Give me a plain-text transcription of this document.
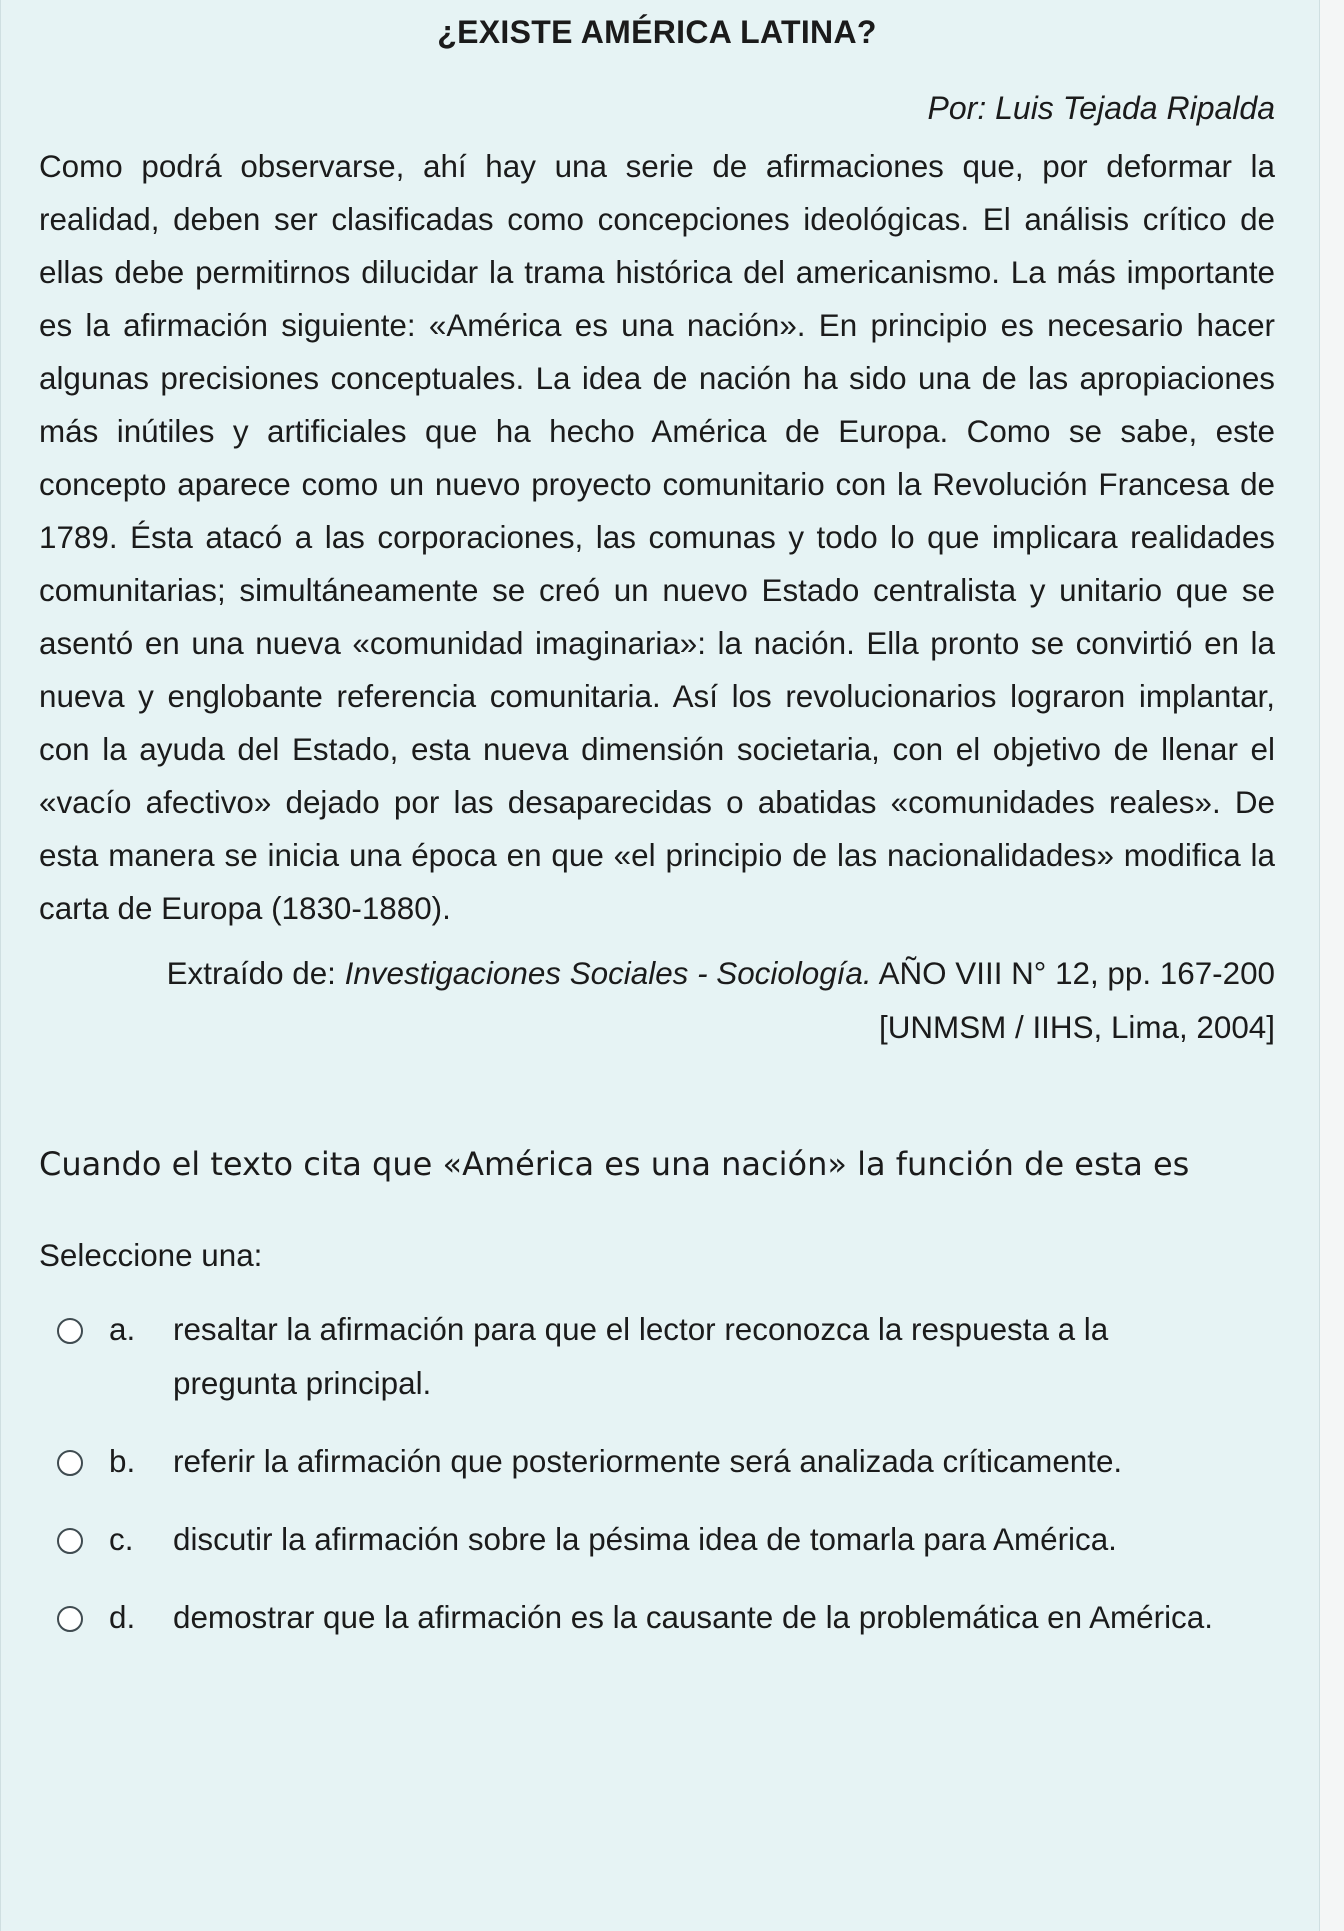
¿EXISTE AMÉRICA LATINA?
Por: Luis Tejada Ripalda
Como podrá observarse, ahí hay una serie de afirmaciones que, por deformar la realidad, deben ser clasificadas como concepciones ideológicas. El análisis crítico de ellas debe permitirnos dilucidar la trama histórica del americanismo. La más importante es la afirmación siguiente: «América es una nación». En principio es necesario hacer algunas precisiones conceptuales. La idea de nación ha sido una de las apropiaciones más inútiles y artificiales que ha hecho América de Europa. Como se sabe, este concepto aparece como un nuevo proyecto comunitario con la Revolución Francesa de 1789. Ésta atacó a las corporaciones, las comunas y todo lo que implicara realidades comunitarias; simultáneamente se creó un nuevo Estado centralista y unitario que se asentó en una nueva «comunidad imaginaria»: la nación. Ella pronto se convirtió en la nueva y englobante referencia comunitaria. Así los revolucionarios lograron implantar, con la ayuda del Estado, esta nueva dimensión societaria, con el objetivo de llenar el «vacío afectivo» dejado por las desaparecidas o abatidas «comunidades reales». De esta manera se inicia una época en que «el principio de las nacionalidades» modifica la carta de Europa (1830-1880).
Extraído de: Investigaciones Sociales - Sociología. AÑO VIII N° 12, pp. 167-200
[UNMSM / IIHS, Lima, 2004]
Cuando el texto cita que «América es una nación» la función de esta es
Seleccione una:
a.	resaltar la afirmación para que el lector reconozca la respuesta a la pregunta principal.
b.	referir la afirmación que posteriormente será analizada críticamente.
c.	discutir la afirmación sobre la pésima idea de tomarla para América.
d.	demostrar que la afirmación es la causante de la problemática en América.
